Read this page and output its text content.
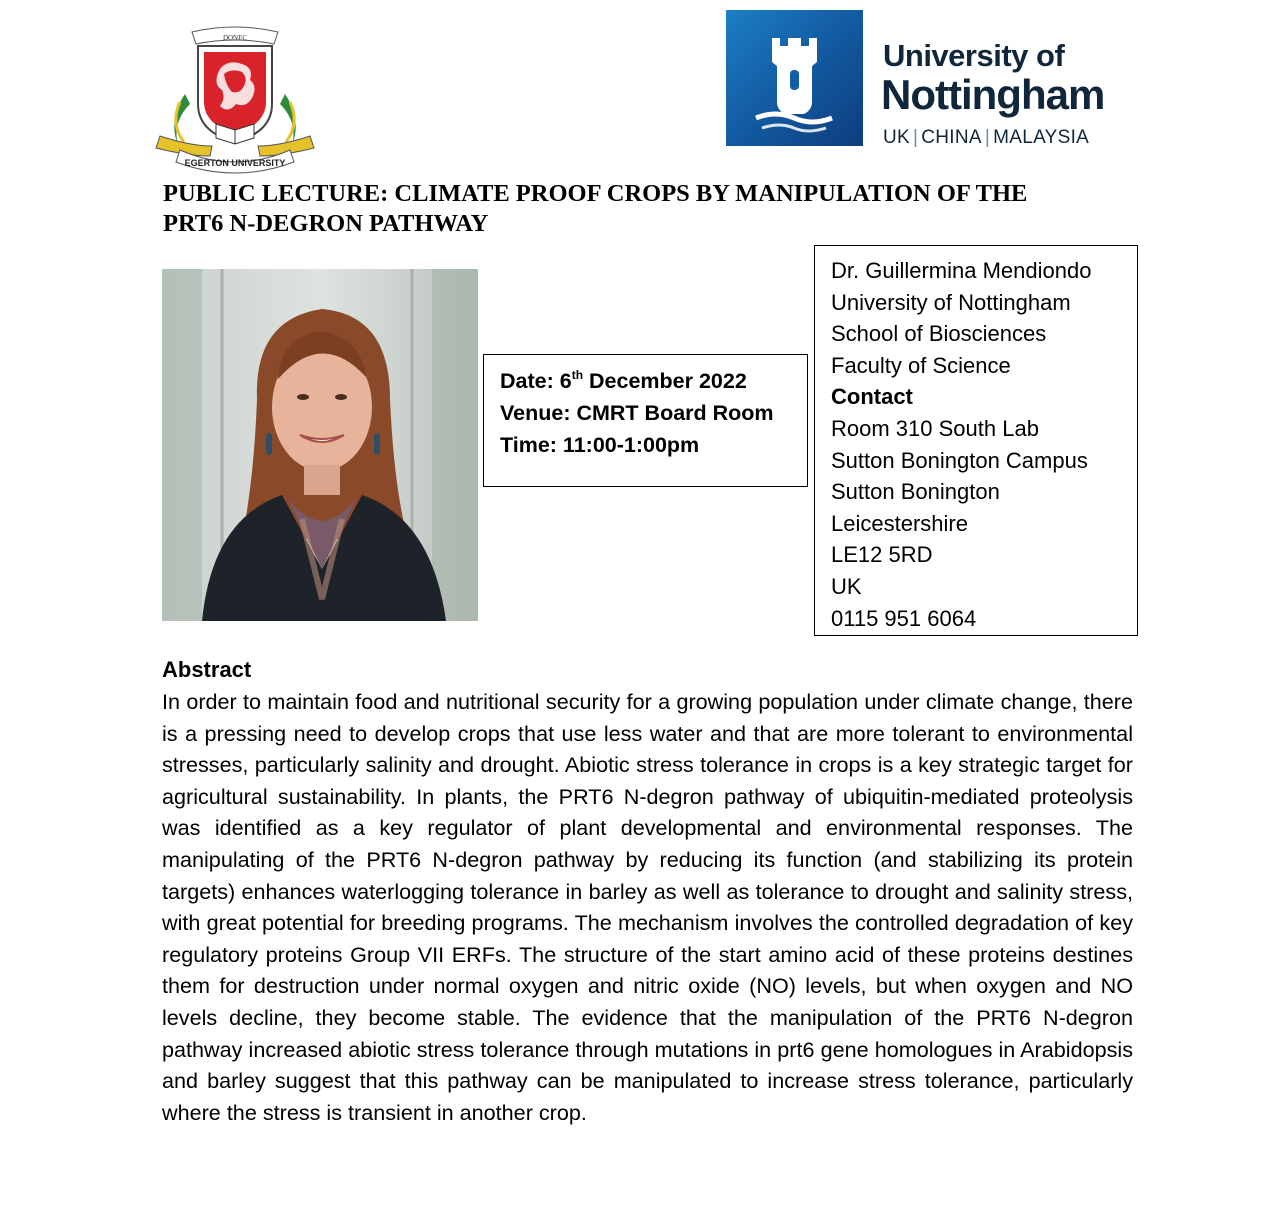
DONEC
EGERTON UNIVERSITY
University of
Nottingham
UK | CHINA | MALAYSIA
PUBLIC LECTURE: CLIMATE PROOF CROPS BY MANIPULATION OF THE
PRT6 N-DEGRON PATHWAY
Date: 6th December 2022
Venue: CMRT Board Room
Time: 11:00-1:00pm
Dr. Guillermina Mendiondo
University of Nottingham
School of Biosciences
Faculty of Science
Contact
Room 310 South Lab
Sutton Bonington Campus
Sutton Bonington
Leicestershire
LE12 5RD
UK
0115 951 6064
Abstract
In order to maintain food and nutritional security for a growing population under climate change, there is a pressing need to develop crops that use less water and that are more tolerant to environmental stresses, particularly salinity and drought. Abiotic stress tolerance in crops is a key strategic target for agricultural sustainability. In plants, the PRT6 N-degron pathway of ubiquitin-mediated proteolysis was identified as a key regulator of plant developmental and environmental responses. The manipulating of the PRT6 N-degron pathway by reducing its function (and stabilizing its protein targets) enhances waterlogging tolerance in barley as well as tolerance to drought and salinity stress, with great potential for breeding programs. The mechanism involves the controlled degradation of key regulatory proteins Group VII ERFs. The structure of the start amino acid of these proteins destines them for destruction under normal oxygen and nitric oxide (NO) levels, but when oxygen and NO levels decline, they become stable. The evidence that the manipulation of the PRT6 N-degron pathway increased abiotic stress tolerance through mutations in prt6 gene homologues in Arabidopsis and barley suggest that this pathway can be manipulated to increase stress tolerance, particularly where the stress is transient in another crop.
